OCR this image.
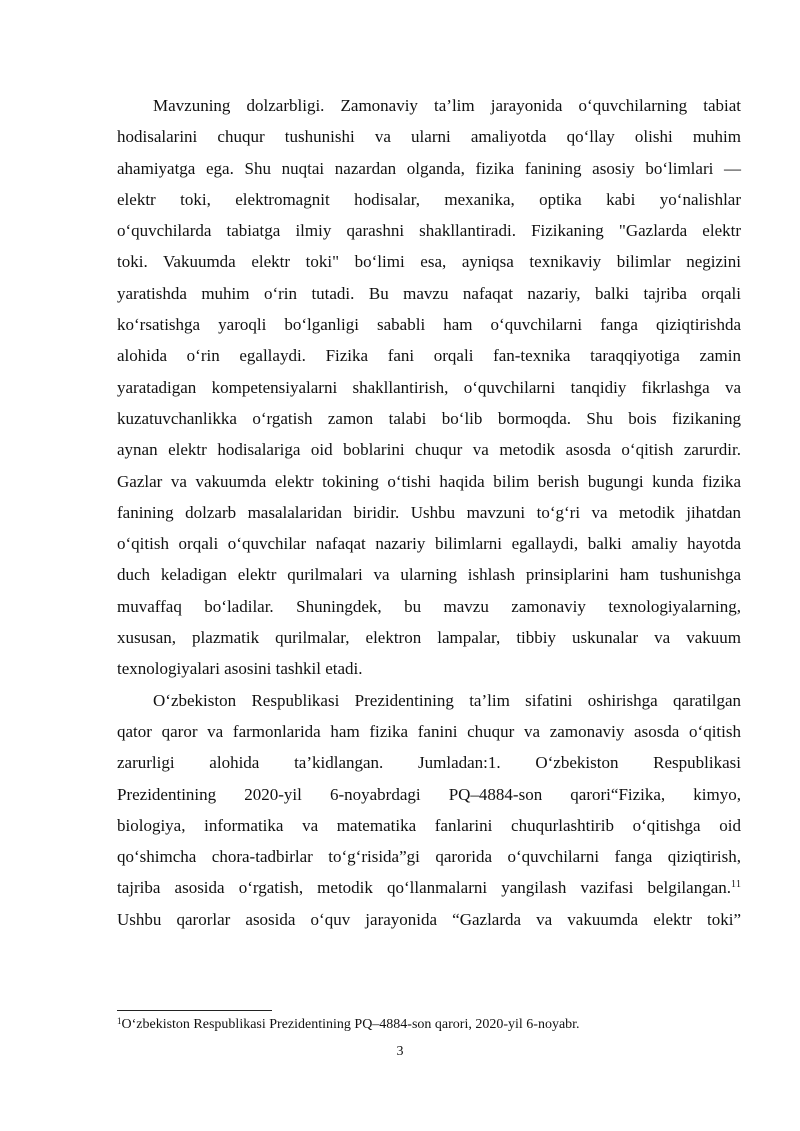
Mavzuning dolzarbligi. Zamonaviy ta’lim jarayonida o‘quvchilarning tabiat
hodisalarini chuqur tushunishi va ularni amaliyotda qo‘llay olishi muhim
ahamiyatga ega. Shu nuqtai nazardan olganda, fizika fanining asosiy bo‘limlari —
elektr toki, elektromagnit hodisalar, mexanika, optika kabi yo‘nalishlar
o‘quvchilarda tabiatga ilmiy qarashni shakllantiradi. Fizikaning "Gazlarda elektr
toki. Vakuumda elektr toki" bo‘limi esa, ayniqsa texnikaviy bilimlar negizini
yaratishda muhim o‘rin tutadi. Bu mavzu nafaqat nazariy, balki tajriba orqali
ko‘rsatishga yaroqli bo‘lganligi sababli ham o‘quvchilarni fanga qiziqtirishda
alohida o‘rin egallaydi. Fizika fani orqali fan-texnika taraqqiyotiga zamin
yaratadigan kompetensiyalarni shakllantirish, o‘quvchilarni tanqidiy fikrlashga va
kuzatuvchanlikka o‘rgatish zamon talabi bo‘lib bormoqda. Shu bois fizikaning
aynan elektr hodisalariga oid boblarini chuqur va metodik asosda o‘qitish zarurdir.
Gazlar va vakuumda elektr tokining o‘tishi haqida bilim berish bugungi kunda fizika
fanining dolzarb masalalaridan biridir. Ushbu mavzuni to‘g‘ri va metodik jihatdan
o‘qitish orqali o‘quvchilar nafaqat nazariy bilimlarni egallaydi, balki amaliy hayotda
duch keladigan elektr qurilmalari va ularning ishlash prinsiplarini ham tushunishga
muvaffaq bo‘ladilar. Shuningdek, bu mavzu zamonaviy texnologiyalarning,
xususan, plazmatik qurilmalar, elektron lampalar, tibbiy uskunalar va vakuum
texnologiyalari asosini tashkil etadi.
O‘zbekiston Respublikasi Prezidentining ta’lim sifatini oshirishga qaratilgan
qator qaror va farmonlarida ham fizika fanini chuqur va zamonaviy asosda o‘qitish
zarurligi alohida ta’kidlangan. Jumladan:1. O‘zbekiston Respublikasi
Prezidentining 2020-yil 6-noyabrdagi PQ–4884-son qarori“Fizika, kimyo,
biologiya, informatika va matematika fanlarini chuqurlashtirib o‘qitishga oid
qo‘shimcha chora-tadbirlar to‘g‘risida”gi qarorida o‘quvchilarni fanga qiziqtirish,
tajriba asosida o‘rgatish, metodik qo‘llanmalarni yangilash vazifasi belgilangan.$^{11}$
Ushbu qarorlar asosida o‘quv jarayonida “Gazlarda va vakuumda elektr toki”
$^1$O‘zbekiston Respublikasi Prezidentining PQ–4884-son qarori, 2020-yil 6-noyabr.
3
